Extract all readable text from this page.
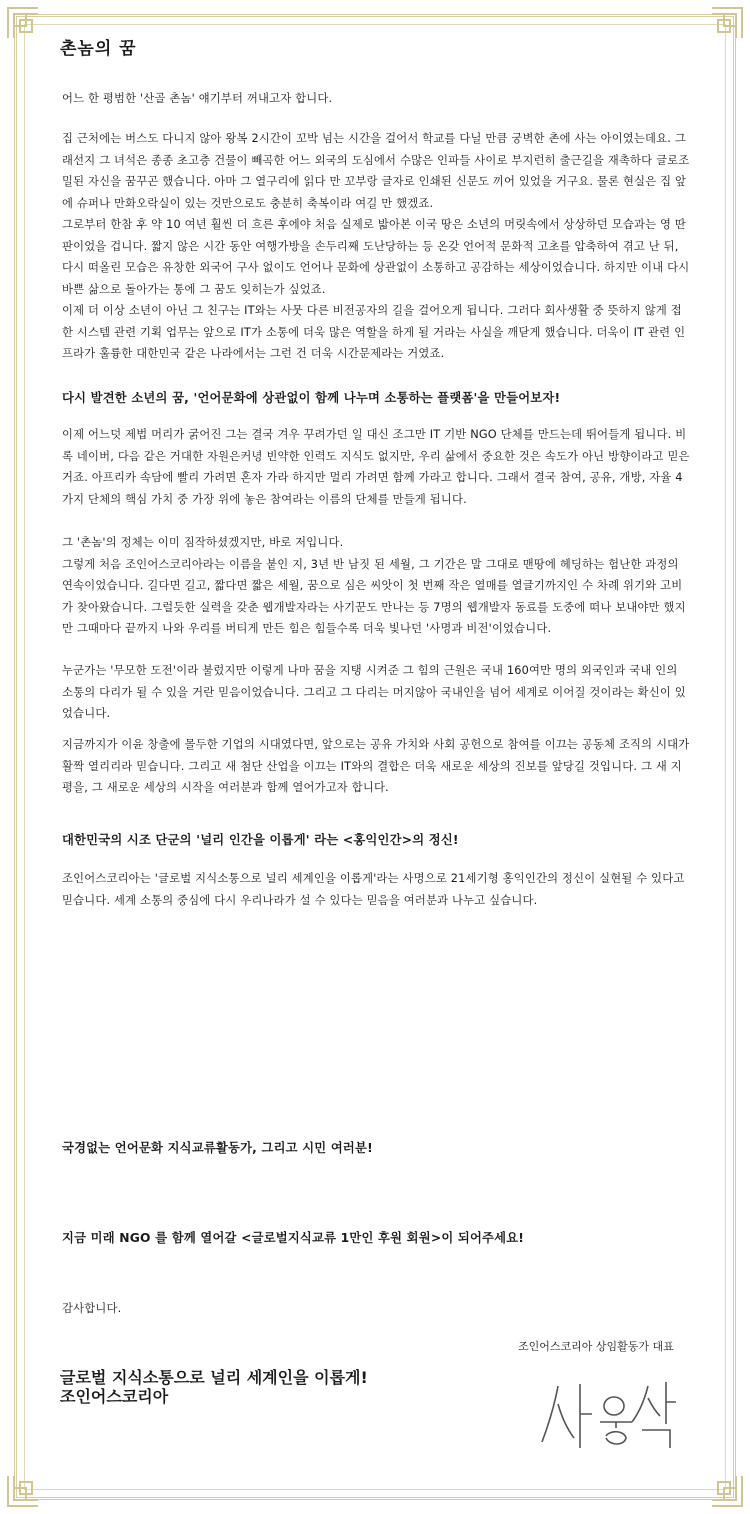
촌놈의 꿈
어느 한 평범한 '산골 촌놈' 얘기부터 꺼내고자 합니다.
집 근처에는 버스도 다니지 않아 왕복 2시간이 꼬박 넘는 시간을 걸어서 학교를 다닐 만큼 궁벽한 촌에 사는 아이였는데요. 그래선지 그 녀석은 종종 초고층 건물이 빼곡한 어느 외국의 도심에서 수많은 인파들 사이로 부지런히 출근길을 재촉하다 글로조밀된 자신을 꿈꾸곤 했습니다. 아마 그 열구리에 읽다 만 꼬부랑 글자로 인쇄된 신문도 끼어 있었을 거구요. 물론 현실은 집 앞에 슈퍼나 만화오락실이 있는 것만으로도 충분히 축복이라 여길 만 했겠죠.
그로부터 한참 후 약 10 여년 훨씬 더 흐른 후에야 처음 실제로 밟아본 이국 땅은 소년의 머릿속에서 상상하던 모습과는 영 딴판이었을 겁니다. 짧지 않은 시간 동안 여행가방을 손두리째 도난당하는 등 온갖 언어적 문화적 고초를 압축하여 겪고 난 뒤, 다시 떠올린 모습은 유창한 외국어 구사 없이도 언어나 문화에 상관없이 소통하고 공감하는 세상이었습니다. 하지만 이내 다시 바쁜 삶으로 돌아가는 통에 그 꿈도 잊히는가 싶었죠.
이제 더 이상 소년이 아닌 그 친구는 IT와는 사뭇 다른 비전공자의 길을 걸어오게 됩니다. 그러다 회사생활 중 뜻하지 않게 접한 시스템 관련 기획 업무는 앞으로 IT가 소통에 더욱 많은 역할을 하게 될 거라는 사실을 깨닫게 했습니다. 더욱이 IT 관련 인프라가 훌륭한 대한민국 같은 나라에서는 그런 건 더욱 시간문제라는 거였죠.
다시 발견한 소년의 꿈, '언어문화에 상관없이 함께 나누며 소통하는 플랫폼'을 만들어보자!
이제 어느덧 제법 머리가 굵어진 그는 결국 겨우 꾸려가던 일 대신 조그만 IT 기반 NGO 단체를 만드는데 뛰어들게 됩니다. 비록 네이버, 다음 같은 거대한 자원은커녕 빈약한 인력도 지식도 없지만, 우리 삶에서 중요한 것은 속도가 아닌 방향이라고 믿은 거죠. 아프리카 속담에 빨리 가려면 혼자 가라 하지만 멀리 가려면 함께 가라고 합니다. 그래서 결국 참여, 공유, 개방, 자율 4가지 단체의 핵심 가치 중 가장 위에 놓은 참여라는 이름의 단체를 만들게 됩니다.
그 '촌놈'의 정체는 이미 짐작하셨겠지만, 바로 저입니다.
그렇게 처음 조인어스코리아라는 이름을 붙인 지, 3년 반 남짓 된 세월, 그 기간은 말 그대로 맨땅에 헤딩하는 험난한 과정의 연속이었습니다. 길다면 길고, 짧다면 짧은 세월, 꿈으로 심은 씨앗이 첫 번째 작은 열매를 열글기까지인 수 차례 위기와 고비가 찾아왔습니다. 그럴듯한 실력을 갖춘 웹개발자라는 사기꾼도 만나는 등 7명의 웹개발자 동료를 도중에 떠나 보내야만 했지만 그때마다 끝까지 나와 우리를 버티게 만든 힘은 힘들수록 더욱 빛나던 '사명과 비전'이었습니다.
누군가는 '무모한 도전'이라 불렀지만 이렇게 나마 꿈을 지탱 시켜준 그 힘의 근원은 국내 160여만 명의 외국인과 국내 인의 소통의 다리가 될 수 있을 거란 믿음이었습니다. 그리고 그 다리는 머지않아 국내인을 넘어 세계로 이어질 것이라는 확신이 있었습니다.
지금까지가 이윤 창출에 몰두한 기업의 시대였다면, 앞으로는 공유 가치와 사회 공헌으로 참여를 이끄는 공동체 조직의 시대가 활짝 열리리라 믿습니다. 그리고 새 첨단 산업을 이끄는 IT와의 결합은 더욱 새로운 세상의 진보를 앞당길 것입니다. 그 새 지평을, 그 새로운 세상의 시작을 여러분과 함께 열어가고자 합니다.
대한민국의 시조 단군의 '널리 인간을 이롭게' 라는 <홍익인간>의 정신!
조인어스코리아는 '글로벌 지식소통으로 널리 세계인을 이롭게'라는 사명으로 21세기형 홍익인간의 정신이 실현될 수 있다고 믿습니다. 세계 소통의 중심에 다시 우리나라가 설 수 있다는 믿음을 여러분과 나누고 싶습니다.
국경없는 언어문화 지식교류활동가, 그리고 시민 여러분!
지금 미래 NGO 를 함께 열어갈 <글로벌지식교류 1만인 후원 회원>이 되어주세요!
감사합니다.
조인어스코리아 상임활동가 대표
글로벌 지식소통으로 널리 세계인을 이롭게!
조인어스코리아
